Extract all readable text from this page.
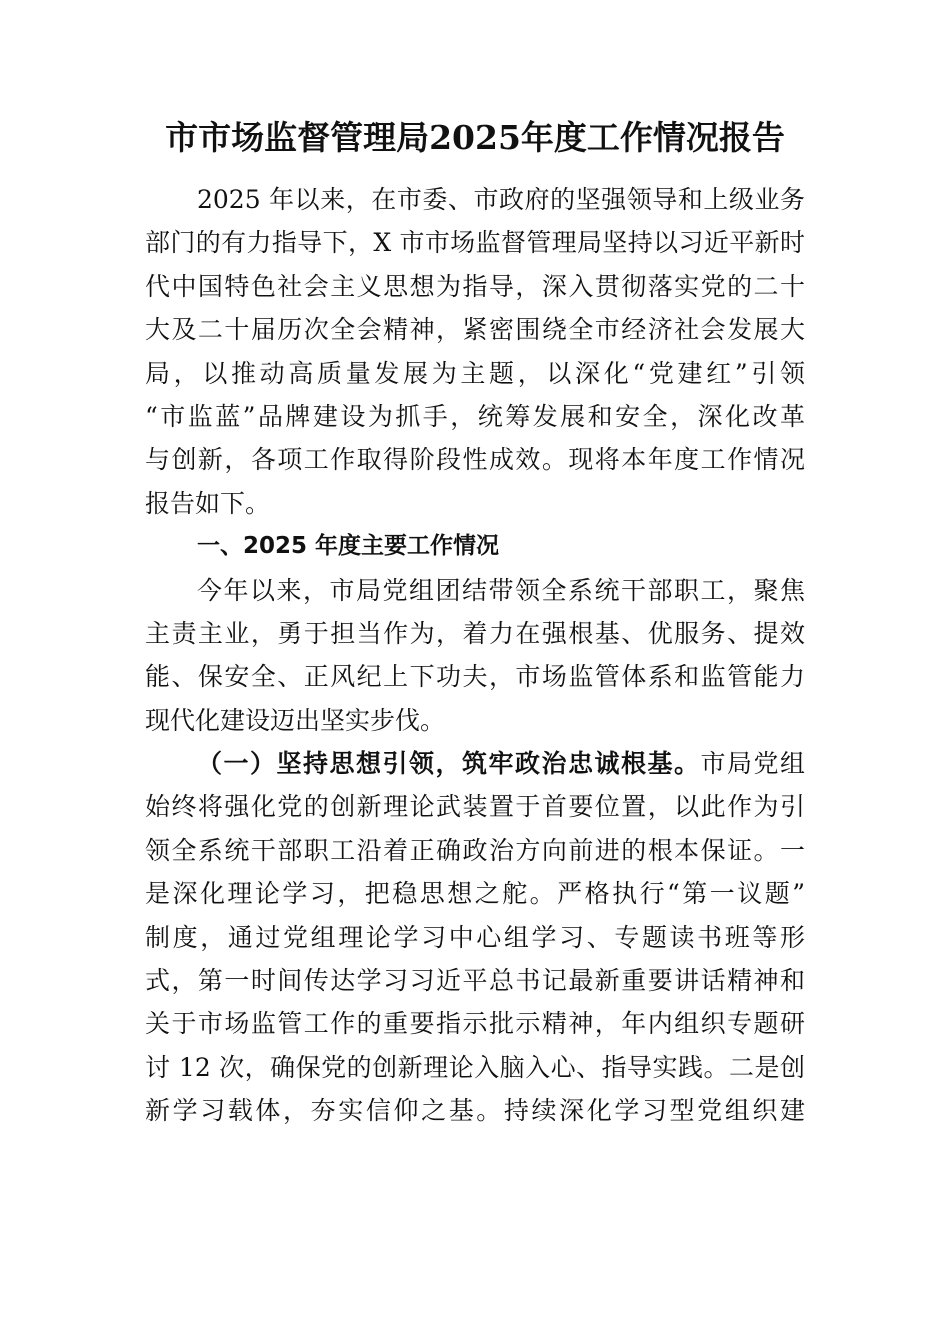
市市场监督管理局2025年度工作情况报告
2025 年以来，在市委、市政府的坚强领导和上级业务
部门的有力指导下，X 市市场监督管理局坚持以习近平新时
代中国特色社会主义思想为指导，深入贯彻落实党的二十
大及二十届历次全会精神，紧密围绕全市经济社会发展大
局，以推动高质量发展为主题，以深化“党建红”引领
“市监蓝”品牌建设为抓手，统筹发展和安全，深化改革
与创新，各项工作取得阶段性成效。现将本年度工作情况
报告如下。
一、2025 年度主要工作情况
今年以来，市局党组团结带领全系统干部职工，聚焦
主责主业，勇于担当作为，着力在强根基、优服务、提效
能、保安全、正风纪上下功夫，市场监管体系和监管能力
现代化建设迈出坚实步伐。
（一）坚持思想引领，筑牢政治忠诚根基。市局党组
始终将强化党的创新理论武装置于首要位置，以此作为引
领全系统干部职工沿着正确政治方向前进的根本保证。一
是深化理论学习，把稳思想之舵。严格执行“第一议题”
制度，通过党组理论学习中心组学习、专题读书班等形
式，第一时间传达学习习近平总书记最新重要讲话精神和
关于市场监管工作的重要指示批示精神，年内组织专题研
讨 12 次，确保党的创新理论入脑入心、指导实践。二是创
新学习载体，夯实信仰之基。持续深化学习型党组织建
